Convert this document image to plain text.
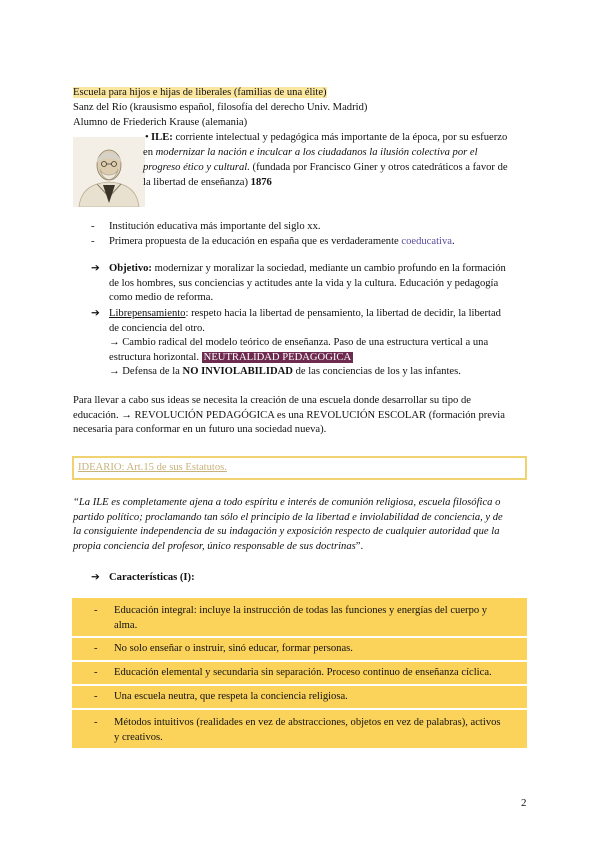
Escuela para hijos e hijas de liberales (familias de una élite)
Sanz del Río (krausismo español, filosofía del derecho Univ. Madrid)
Alumno de Friederich Krause (alemania)
• ILE: corriente intelectual y pedagógica más importante de la época, por su esfuerzo
en modernizar la nación e inculcar a los ciudadanos la ilusión colectiva por el
progreso ético y cultural. (fundada por Francisco Giner y otros catedráticos a favor de
la libertad de enseñanza) 1876
- Institución educativa más importante del siglo xx.
- Primera propuesta de la educación en españa que es verdaderamente coeducativa.
➔ Objetivo: modernizar y moralizar la sociedad, mediante un cambio profundo en la formación
de los hombres, sus conciencias y actitudes ante la vida y la cultura. Educación y pedagogía
como medio de reforma.
➔ Librepensamiento: respeto hacia la libertad de pensamiento, la libertad de decidir, la libertad
de conciencia del otro.
→ Cambio radical del modelo teórico de enseñanza. Paso de una estructura vertical a una
estructura horizontal. NEUTRALIDAD PEDAGÓGICA
→ Defensa de la NO INVIOLABILIDAD de las conciencias de los y las infantes.
Para llevar a cabo sus ideas se necesita la creación de una escuela donde desarrollar su tipo de
educación. → REVOLUCIÓN PEDAGÓGICA es una REVOLUCIÓN ESCOLAR (formación previa
necesaria para conformar en un futuro una sociedad nueva).
IDEARIO: Art.15 de sus Estatutos.
“La ILE es completamente ajena a todo espíritu e interés de comunión religiosa, escuela filosófica o
partido político; proclamando tan sólo el principio de la libertad e inviolabilidad de conciencia, y de
la consiguiente independencia de su indagación y exposición respecto de cualquier autoridad que la
propia conciencia del profesor, único responsable de sus doctrinas”.
➔ Características (I):
- Educación integral: incluye la instrucción de todas las funciones y energías del cuerpo y
alma.
- No solo enseñar o instruir, sinó educar, formar personas.
- Educación elemental y secundaria sin separación. Proceso continuo de enseñanza cíclica.
- Una escuela neutra, que respeta la conciencia religiosa.
- Métodos intuitivos (realidades en vez de abstracciones, objetos en vez de palabras), activos
y creativos.
2
